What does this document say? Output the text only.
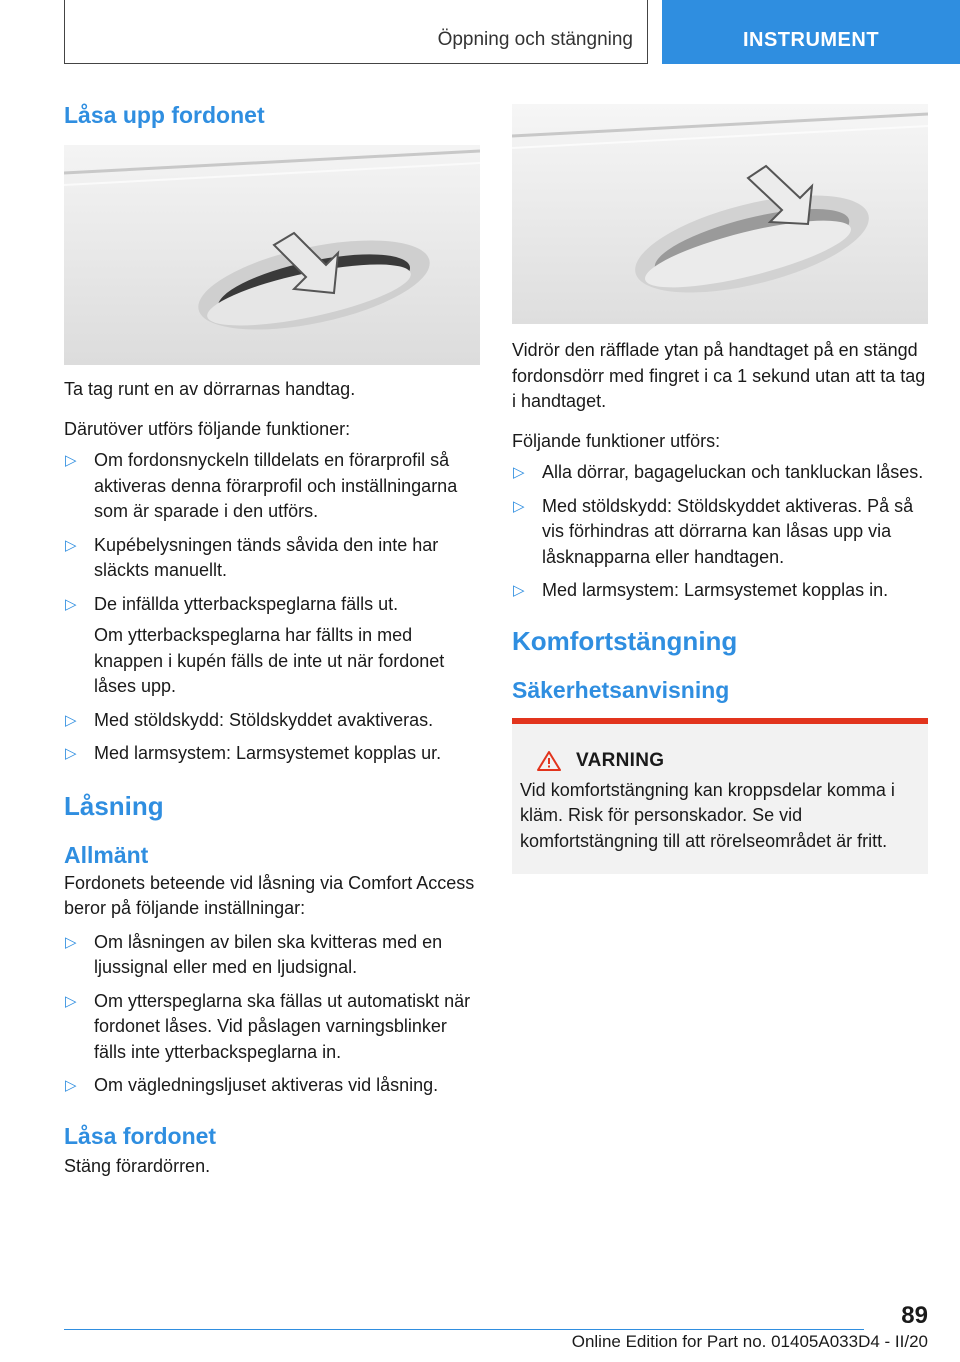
Öppning och stängning	INSTRUMENT
Låsa upp fordonet

Ta tag runt en av dörrarnas handtag.

Därutöver utförs följande funktioner:

▷ Om fordonsnyckeln tilldelats en förarprofil så aktiveras denna förarprofil och inställningarna som är sparade i den utförs.
▷ Kupébelysningen tänds såvida den inte har släckts manuellt.
▷ De infällda ytterbackspeglarna fälls ut.

Om ytterbackspeglarna har fällts in med knappen i kupén fälls de inte ut när fordonet låses upp.

▷ Med stöldskydd: Stöldskyddet avaktiveras.
▷ Med larmsystem: Larmsystemet kopplas ur.
Låsning
Allmänt

Fordonets beteende vid låsning via Comfort Access beror på följande inställningar:

▷ Om låsningen av bilen ska kvitteras med en ljussignal eller med en ljudsignal.
▷ Om ytterspeglarna ska fällas ut automatiskt när fordonet låses. Vid påslagen varningsblinker fälls inte ytterbackspeglarna in.
▷ Om vägledningsljuset aktiveras vid låsning.
Låsa fordonet

Stäng förardörren.

Vidrör den räfflade ytan på handtaget på en stängd fordonsdörr med fingret i ca 1 sekund utan att ta tag i handtaget.

Följande funktioner utförs:

▷ Alla dörrar, bagageluckan och tankluckan låses.
▷ Med stöldskydd: Stöldskyddet aktiveras. På så vis förhindras att dörrarna kan låsas upp via låsknapparna eller handtagen.
▷ Med larmsystem: Larmsystemet kopplas in.
Komfortstängning
Säkerhetsanvisning
VARNING

Vid komfortstängning kan kroppsdelar komma i kläm. Risk för personskador. Se vid komfortstängning till att rörelseområdet är fritt.

89
Online Edition for Part no. 01405A033D4 - II/20
